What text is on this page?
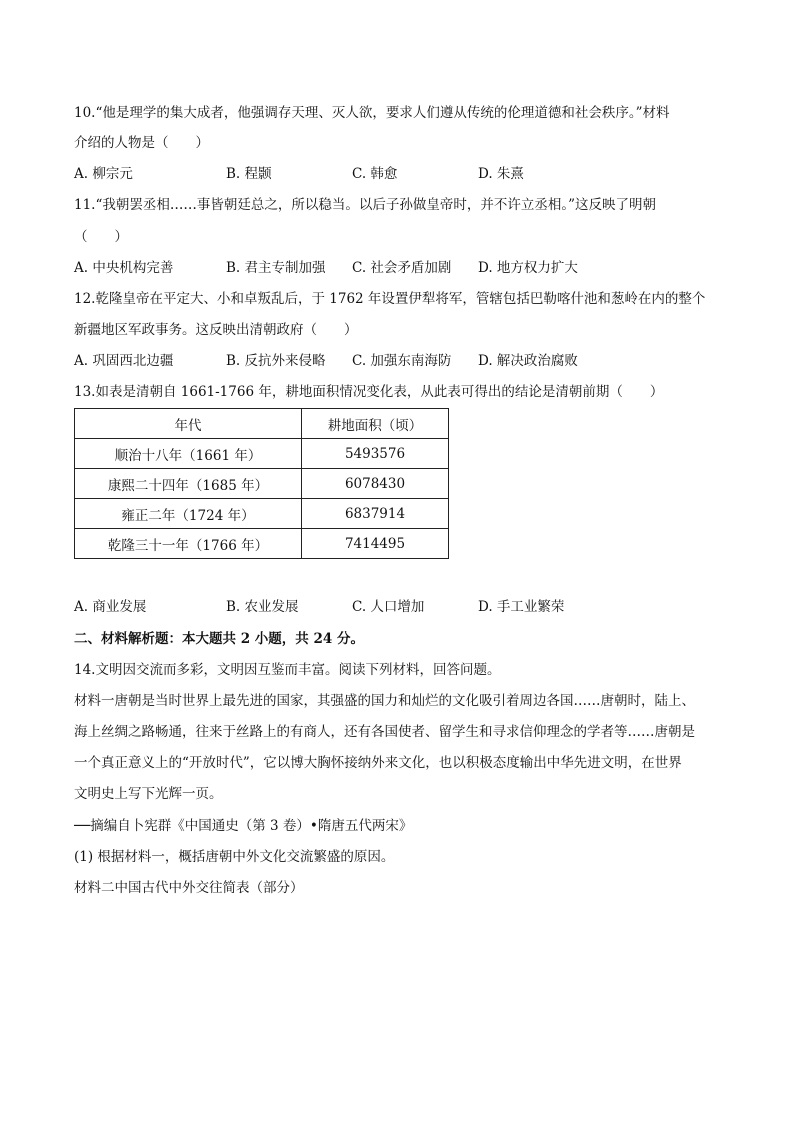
10.“他是理学的集大成者，他强调存天理、灭人欲，要求人们遵从传统的伦理道德和社会秩序。”材料
介绍的人物是（　　）
A. 柳宗元	B. 程颢	C. 韩愈	D. 朱熹
11.“我朝罢丞相……事皆朝廷总之，所以稳当。以后子孙做皇帝时，并不许立丞相。”这反映了明朝
（　　）
A. 中央机构完善	B. 君主专制加强 C. 社会矛盾加剧 D. 地方权力扩大
12.乾隆皇帝在平定大、小和卓叛乱后，于 1762 年设置伊犁将军，管辖包括巴勒喀什池和葱岭在内的整个
新疆地区军政事务。这反映出清朝政府（　　）
A. 巩固西北边疆	B. 反抗外来侵略 C. 加强东南海防 D. 解决政治腐败
13.如表是清朝自 1661-1766 年，耕地面积情况变化表，从此表可得出的结论是清朝前期（　　）
年代	耕地面积（顷）
顺治十八年（1661 年）	5493576
康熙二十四年（1685 年）	6078430
雍正二年（1724 年）	6837914
乾隆三十一年（1766 年）	7414495
A. 商业发展	B. 农业发展	C. 人口增加	D. 手工业繁荣
二、材料解析题：本大题共 2 小题，共 24 分。
14.文明因交流而多彩，文明因互鉴而丰富。阅读下列材料，回答问题。
材料一唐朝是当时世界上最先进的国家，其强盛的国力和灿烂的文化吸引着周边各国……唐朝时，陆上、
海上丝绸之路畅通，往来于丝路上的有商人，还有各国使者、留学生和寻求信仰理念的学者等……唐朝是
一个真正意义上的“开放时代”，它以博大胸怀接纳外来文化，也以积极态度输出中华先进文明，在世界
文明史上写下光辉一页。
──摘编自卜宪群《中国通史（第 3 卷）•隋唐五代两宋》
(1) 根据材料一，概括唐朝中外文化交流繁盛的原因。
材料二中国古代中外交往简表（部分）
